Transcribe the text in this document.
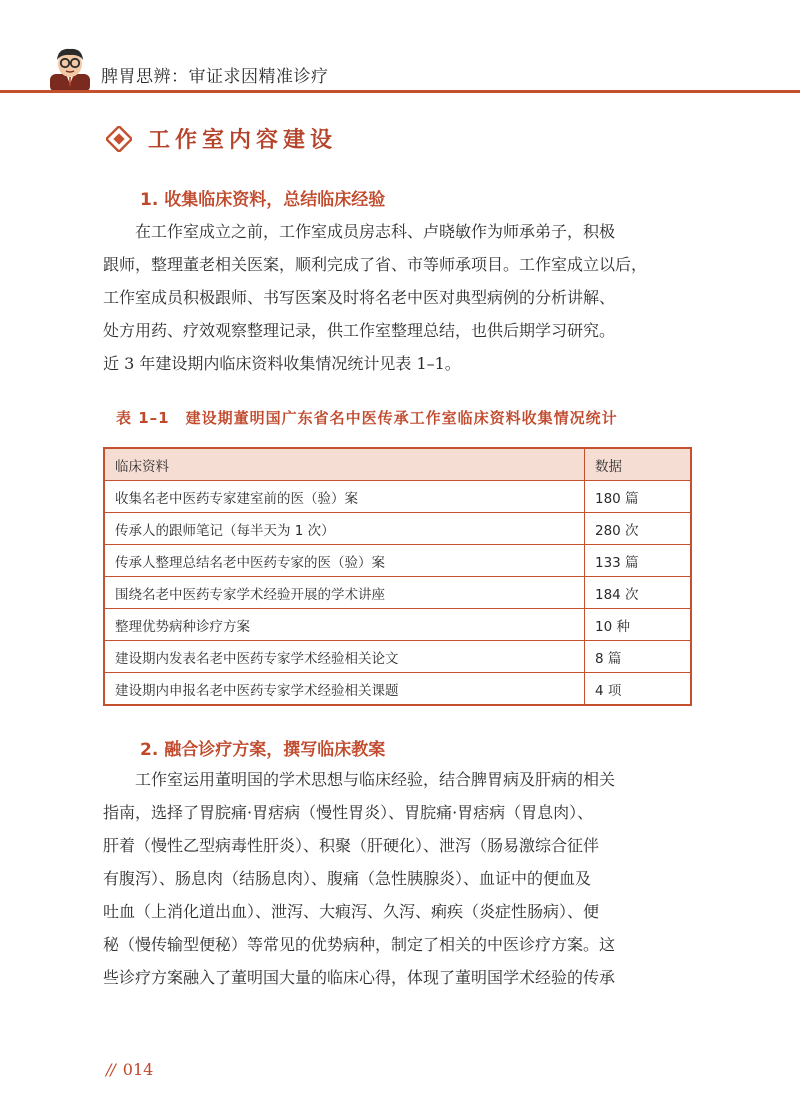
脾胃思辨：审证求因精准诊疗
工作室内容建设
1. 收集临床资料，总结临床经验

在工作室成立之前，工作室成员房志科、卢晓敏作为师承弟子，积极

跟师，整理董老相关医案，顺利完成了省、市等师承项目。工作室成立以后，

工作室成员积极跟师、书写医案及时将名老中医对典型病例的分析讲解、

处方用药、疗效观察整理记录，供工作室整理总结，也供后期学习研究。

近 3 年建设期内临床资料收集情况统计见表 1–1。

表 1–1　建设期董明国广东省名中医传承工作室临床资料收集情况统计
临床资料	数据
收集名老中医药专家建室前的医（验）案	180 篇
传承人的跟师笔记（每半天为 1 次）	280 次
传承人整理总结名老中医药专家的医（验）案	133 篇
围绕名老中医药专家学术经验开展的学术讲座	184 次
整理优势病种诊疗方案	10 种
建设期内发表名老中医药专家学术经验相关论文	8 篇
建设期内申报名老中医药专家学术经验相关课题	4 项
2. 融合诊疗方案，撰写临床教案

工作室运用董明国的学术思想与临床经验，结合脾胃病及肝病的相关

指南，选择了胃脘痛·胃痞病（慢性胃炎）、胃脘痛·胃痞病（胃息肉）、

肝着（慢性乙型病毒性肝炎）、积聚（肝硬化）、泄泻（肠易激综合征伴

有腹泻）、肠息肉（结肠息肉）、腹痛（急性胰腺炎）、血证中的便血及

吐血（上消化道出血）、泄泻、大瘕泻、久泻、痢疾（炎症性肠病）、便

秘（慢传输型便秘）等常见的优势病种，制定了相关的中医诊疗方案。这

些诊疗方案融入了董明国大量的临床心得，体现了董明国学术经验的传承

// 014
